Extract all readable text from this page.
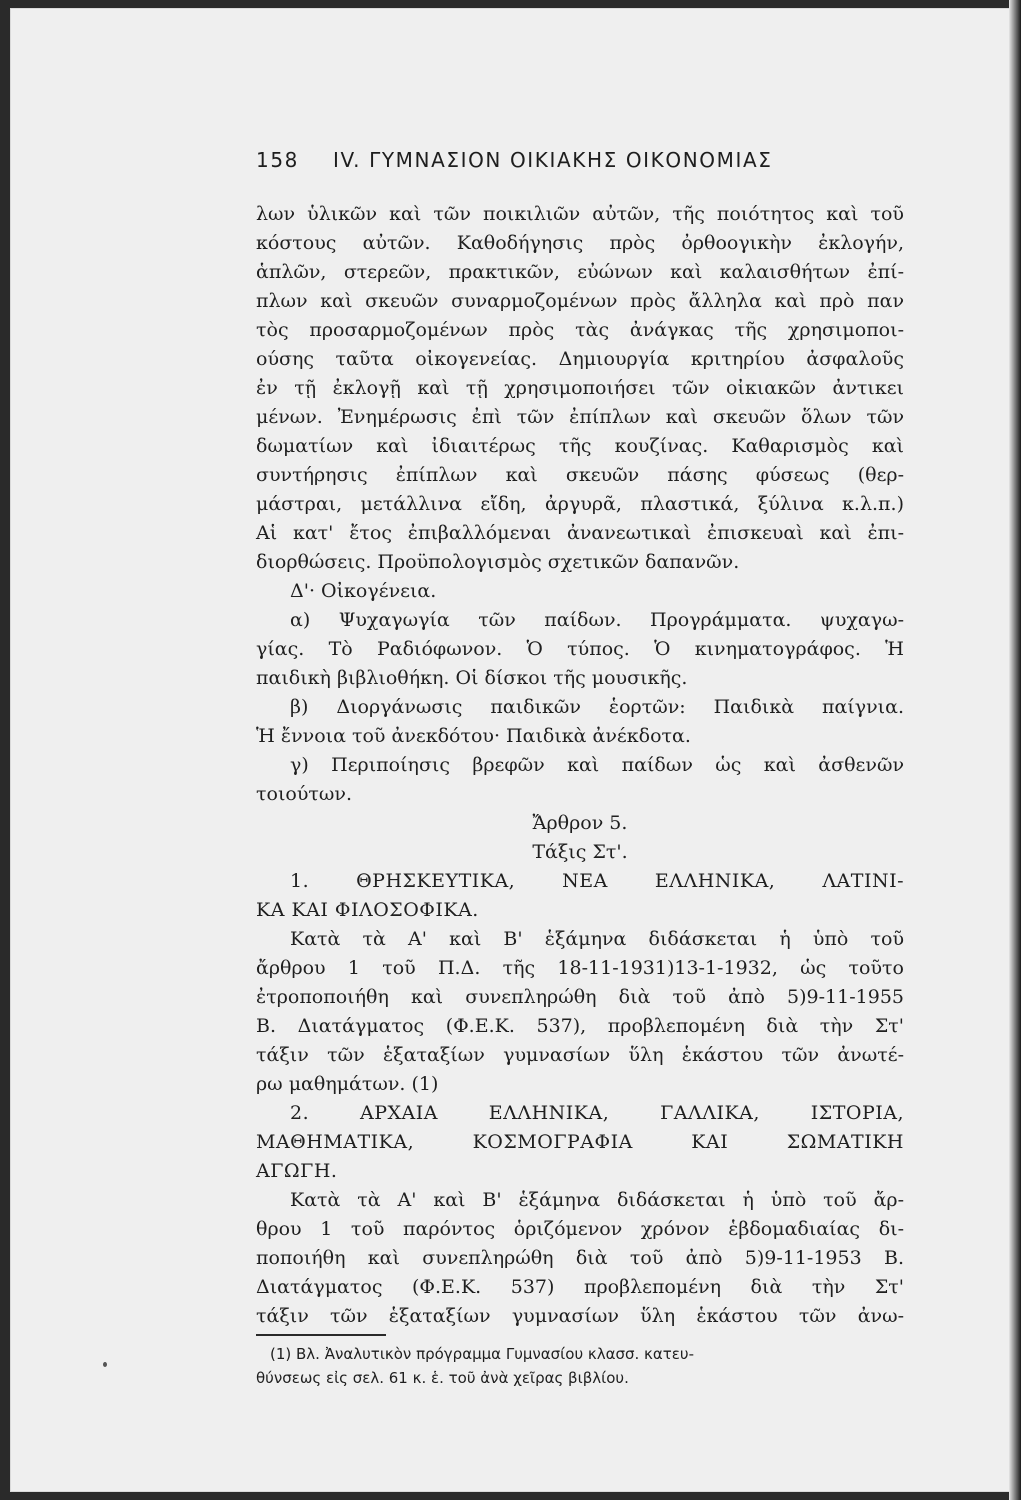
158 IV. ΓΥΜΝΑΣΙΟΝ ΟΙΚΙΑΚΗΣ ΟΙΚΟΝΟΜΙΑΣ
λων ὑλικῶν καὶ τῶν ποικιλιῶν αὐτῶν, τῆς ποιότητος καὶ τοῦ
κόστους αὐτῶν. Καθοδήγησις πρὸς ὀρθοογικὴν ἐκλογήν,
ἁπλῶν, στερεῶν, πρακτικῶν, εὐώνων καὶ καλαισθήτων ἐπί-
πλων καὶ σκευῶν συναρμοζομένων πρὸς ἄλληλα καὶ πρὸ παν
τὸς προσαρμοζομένων πρὸς τὰς ἀνάγκας τῆς χρησιμοποι-
ούσης ταῦτα οἰκογενείας. Δημιουργία κριτηρίου ἀσφαλοῦς
ἐν τῇ ἐκλογῇ καὶ τῇ χρησιμοποιήσει τῶν οἰκιακῶν ἀντικει
μένων. Ἐνημέρωσις ἐπὶ τῶν ἐπίπλων καὶ σκευῶν ὅλων τῶν
δωματίων καὶ ἰδιαιτέρως τῆς κουζίνας. Καθαρισμὸς καὶ
συντήρησις ἐπίπλων καὶ σκευῶν πάσης φύσεως (θερ-
μάστραι, μετάλλινα εἴδη, ἀργυρᾶ, πλαστικά, ξύλινα κ.λ.π.)
Αἱ κατ' ἔτος ἐπιβαλλόμεναι ἀνανεωτικαὶ ἐπισκευαὶ καὶ ἐπι-
διορθώσεις. Προϋπολογισμὸς σχετικῶν δαπανῶν.
Δ'· Οἰκογένεια.
α) Ψυχαγωγία τῶν παίδων. Προγράμματα. ψυχαγω-
γίας. Τὸ Ραδιόφωνον. Ὁ τύπος. Ὁ κινηματογράφος. Ἡ
παιδικὴ βιβλιοθήκη. Οἱ δίσκοι τῆς μουσικῆς.
β) Διοργάνωσις παιδικῶν ἑορτῶν: Παιδικὰ παίγνια.
Ἡ ἔννοια τοῦ ἀνεκδότου· Παιδικὰ ἀνέκδοτα.
γ) Περιποίησις βρεφῶν καὶ παίδων ὡς καὶ ἀσθενῶν
τοιούτων.
Ἄρθρον 5.
Τάξις Στ'.
1. ΘΡΗΣΚΕΥΤΙΚΑ, ΝΕΑ ΕΛΛΗΝΙΚΑ, ΛΑΤΙΝΙ-
ΚΑ ΚΑΙ ΦΙΛΟΣΟΦΙΚΑ.
Κατὰ τὰ Α' καὶ Β' ἑξάμηνα διδάσκεται ἡ ὑπὸ τοῦ
ἄρθρου 1 τοῦ Π.Δ. τῆς 18-11-1931)13-1-1932, ὡς τοῦτο
ἐτροποποιήθη καὶ συνεπληρώθη διὰ τοῦ ἀπὸ 5)9-11-1955
Β. Διατάγματος (Φ.Ε.Κ. 537), προβλεπομένη διὰ τὴν Στ'
τάξιν τῶν ἑξαταξίων γυμνασίων ὕλη ἑκάστου τῶν ἀνωτέ-
ρω μαθημάτων. (1)
2. ΑΡΧΑΙΑ ΕΛΛΗΝΙΚΑ, ΓΑΛΛΙΚΑ, ΙΣΤΟΡΙΑ,
ΜΑΘΗΜΑΤΙΚΑ, ΚΟΣΜΟΓΡΑΦΙΑ ΚΑΙ ΣΩΜΑΤΙΚΗ
ΑΓΩΓΗ.
Κατὰ τὰ Α' καὶ Β' ἑξάμηνα διδάσκεται ἡ ὑπὸ τοῦ ἄρ-
θρου 1 τοῦ παρόντος ὁριζόμενον χρόνον ἑβδομαδιαίας δι-
ποποιήθη καὶ συνεπληρώθη διὰ τοῦ ἀπὸ 5)9-11-1953 Β.
Διατάγματος (Φ.Ε.Κ. 537) προβλεπομένη διὰ τὴν Στ'
τάξιν τῶν ἑξαταξίων γυμνασίων ὕλη ἑκάστου τῶν ἀνω-
(1) Βλ. Ἀναλυτικὸν πρόγραμμα Γυμνασίου κλασσ. κατευ-
θύνσεως εἰς σελ. 61 κ. ἑ. τοῦ ἀνὰ χεῖρας βιβλίου.
